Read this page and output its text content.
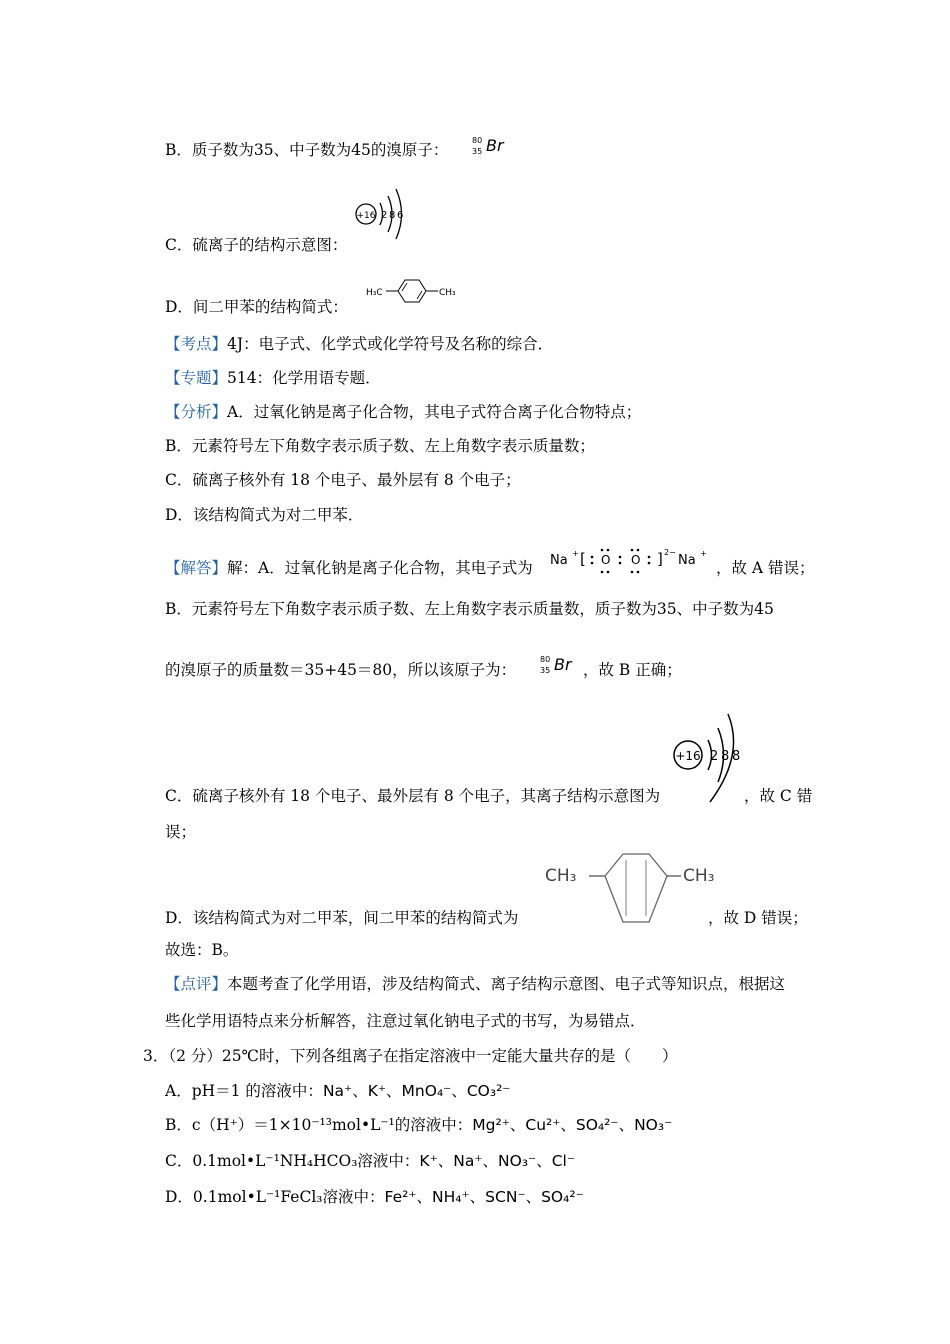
B．质子数为35、中子数为45的溴原子：
80
35 Br
C．硫离子的结构示意图：
+16 2 8 6
D．间二甲苯的结构简式：
H₃C	CH₃
【考点】4J：电子式、化学式或化学符号及名称的综合．
【专题】514：化学用语专题．
【分析】A．过氧化钠是离子化合物，其电子式符合离子化合物特点；
B．元素符号左下角数字表示质子数、左上角数字表示质量数；
C．硫离子核外有 18 个电子、最外层有 8 个电子；
D．该结构简式为对二甲苯．
【解答】解：A．过氧化钠是离子化合物，其电子式为 Na + [ O O ] 2−
Na +
，故 A 错误；
B．元素符号左下角数字表示质子数、左上角数字表示质量数，质子数为35、中子数为45
的溴原子的质量数＝35+45＝80，所以该原子为：
80
35 Br ，故 B 正确；
+16 2 8 8
C．硫离子核外有 18 个电子、最外层有 8 个电子，其离子结构示意图为	，故 C 错
误；
CH₃	CH₃
D．该结构简式为对二甲苯，间二甲苯的结构简式为	，故 D 错误；
故选：B。
【点评】本题考查了化学用语，涉及结构简式、离子结构示意图、电子式等知识点，根据这
些化学用语特点来分析解答，注意过氧化钠电子式的书写，为易错点．
3．（2 分）25℃时，下列各组离子在指定溶液中一定能大量共存的是（　　）
A．pH＝1 的溶液中：Na⁺、K⁺、MnO₄⁻、CO₃²⁻
B．c（H⁺）＝1×10⁻¹³mol•L⁻¹的溶液中：Mg²⁺、Cu²⁺、SO₄²⁻、NO₃⁻
C．0.1mol•L⁻¹NH₄HCO₃溶液中：K⁺、Na⁺、NO₃⁻、Cl⁻
D．0.1mol•L⁻¹FeCl₃溶液中：Fe²⁺、NH₄⁺、SCN⁻、SO₄²⁻
